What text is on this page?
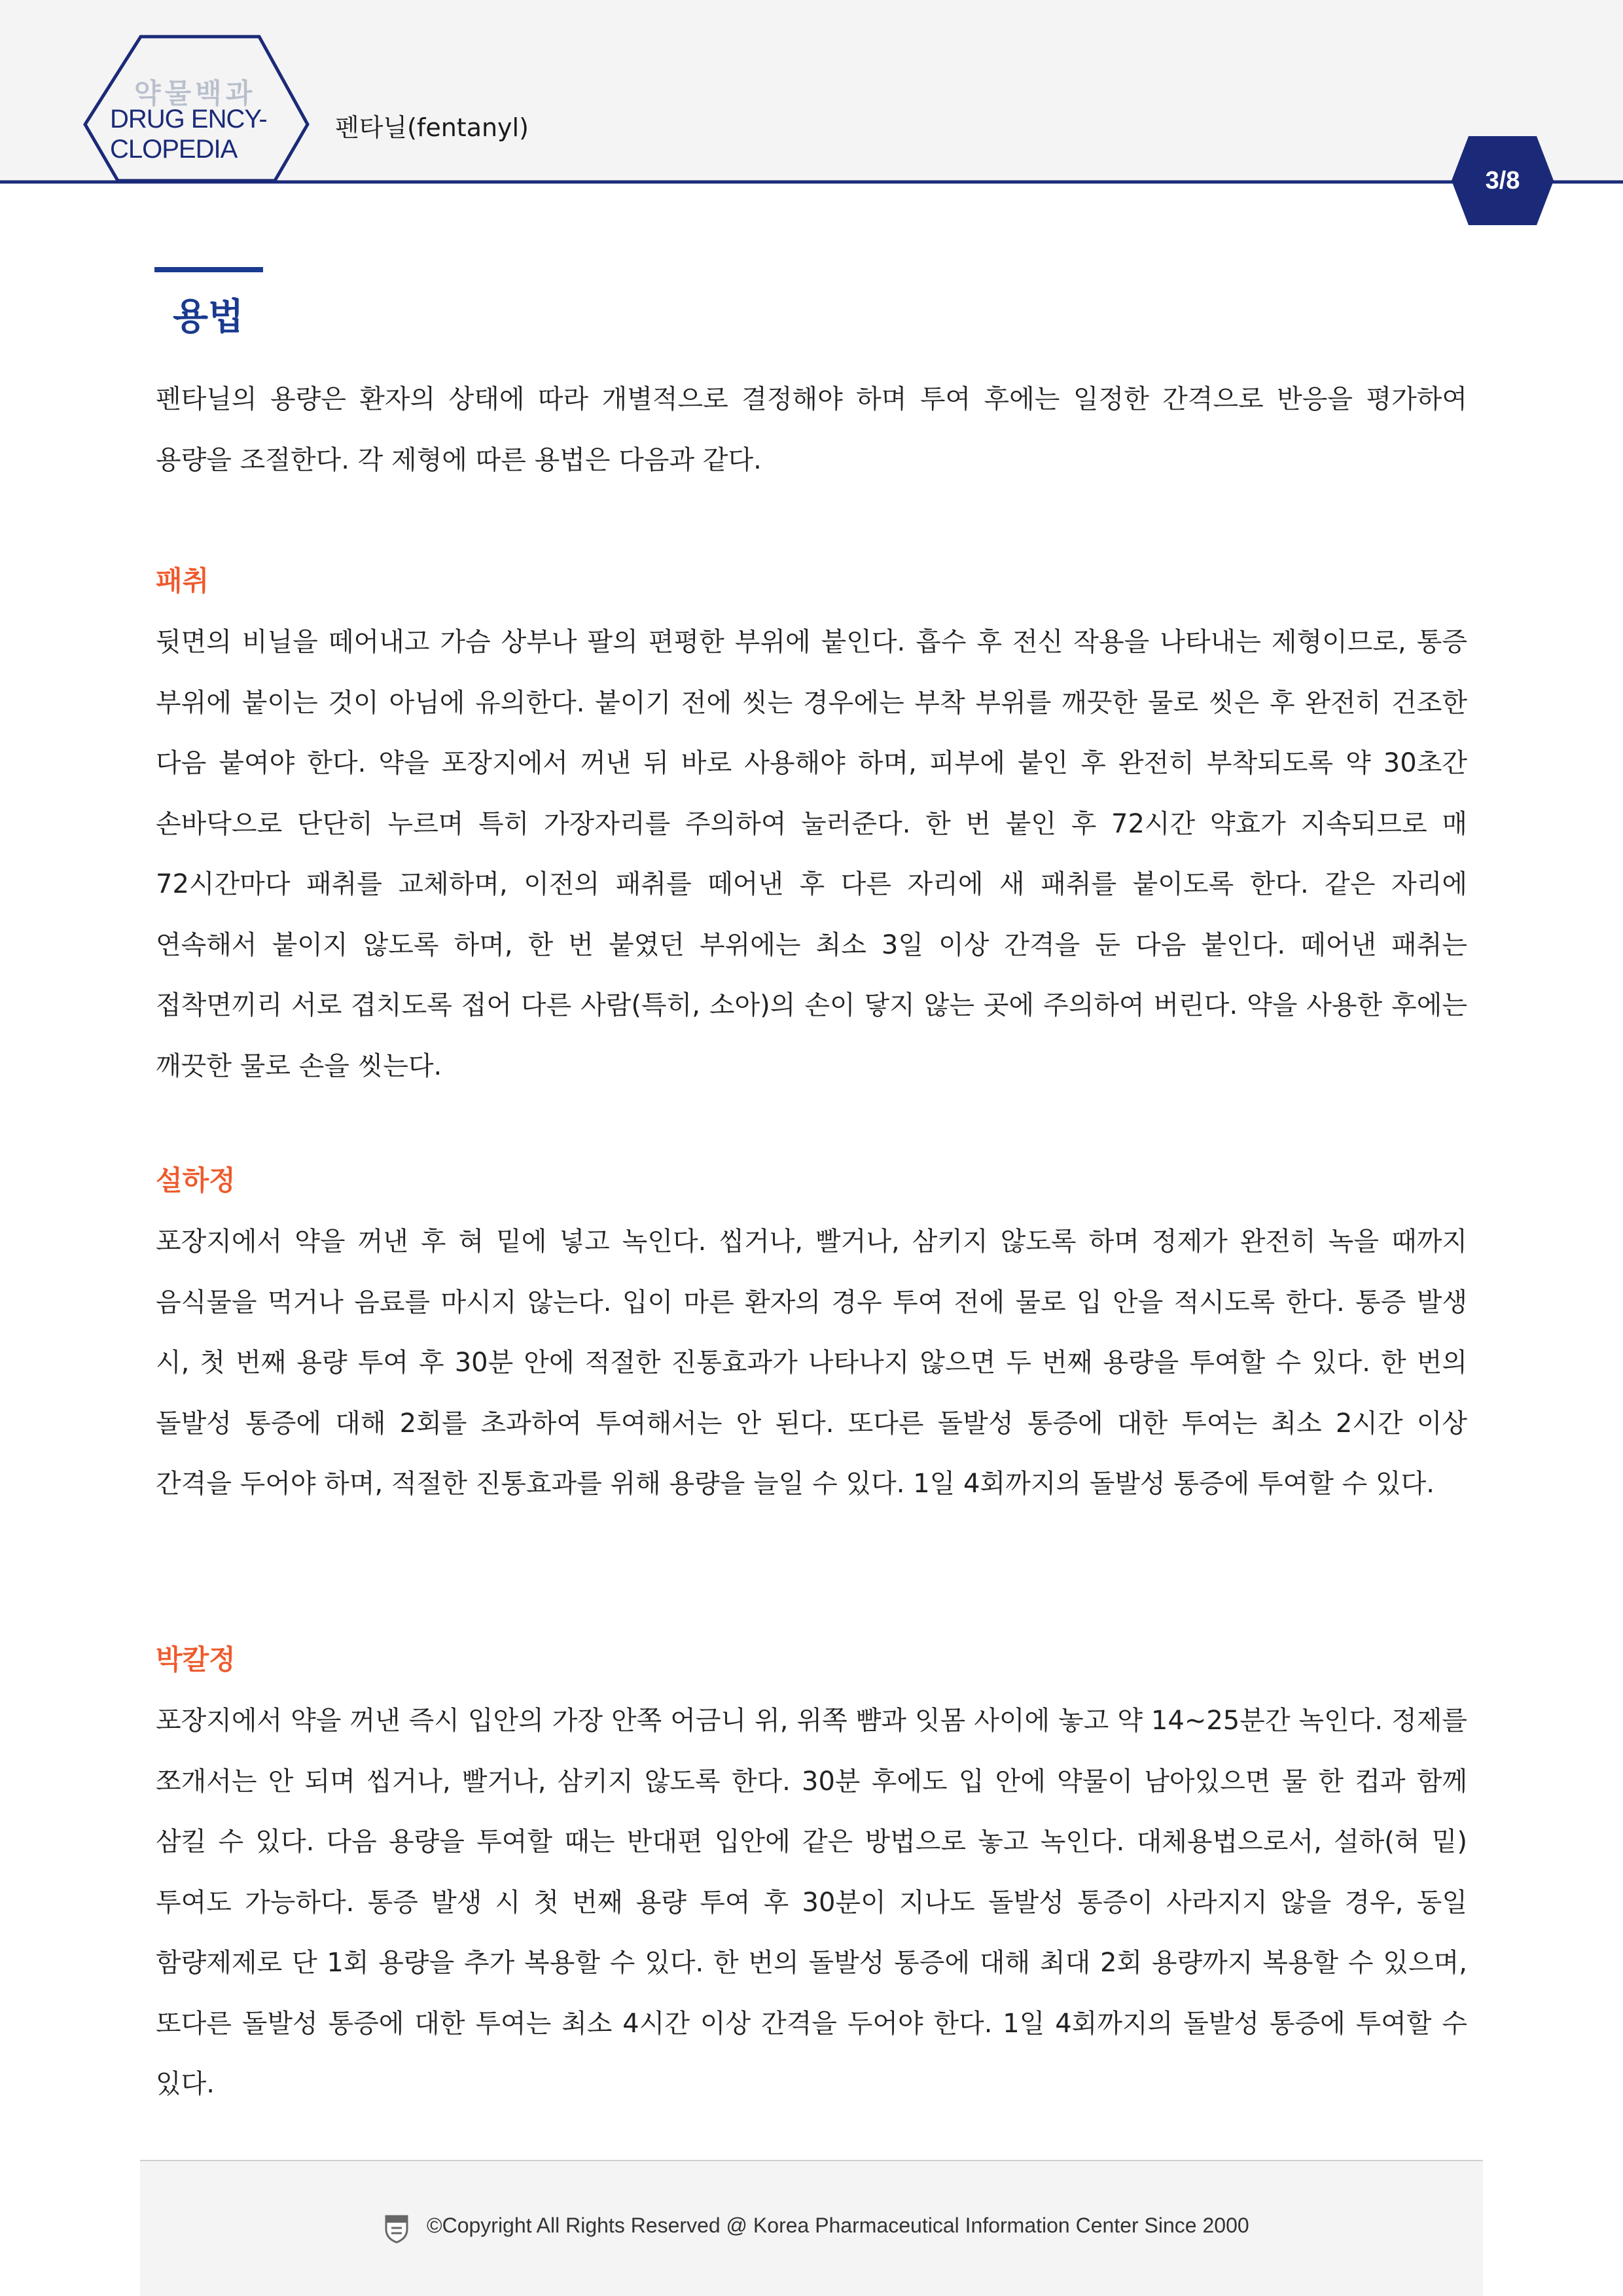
약물백과
DRUG ENCY-
CLOPEDIA
펜타닐(fentanyl)
3/8
용법

펜타닐의 용량은 환자의 상태에 따라 개별적으로 결정해야 하며 투여 후에는 일정한 간격으로 반응을 평가하여 용량을 조절한다. 각 제형에 따른 용법은 다음과 같다.

패취

뒷면의 비닐을 떼어내고 가슴 상부나 팔의 편평한 부위에 붙인다. 흡수 후 전신 작용을 나타내는 제형이므로, 통증 부위에 붙이는 것이 아님에 유의한다. 붙이기 전에 씻는 경우에는 부착 부위를 깨끗한 물로 씻은 후 완전히 건조한 다음 붙여야 한다. 약을 포장지에서 꺼낸 뒤 바로 사용해야 하며, 피부에 붙인 후 완전히 부착되도록 약 30초간 손바닥으로 단단히 누르며 특히 가장자리를 주의하여 눌러준다. 한 번 붙인 후 72시간 약효가 지속되므로 매 72시간마다 패취를 교체하며, 이전의 패취를 떼어낸 후 다른 자리에 새 패취를 붙이도록 한다. 같은 자리에 연속해서 붙이지 않도록 하며, 한 번 붙였던 부위에는 최소 3일 이상 간격을 둔 다음 붙인다. 떼어낸 패취는 접착면끼리 서로 겹치도록 접어 다른 사람(특히, 소아)의 손이 닿지 않는 곳에 주의하여 버린다. 약을 사용한 후에는 깨끗한 물로 손을 씻는다.

설하정

포장지에서 약을 꺼낸 후 혀 밑에 넣고 녹인다. 씹거나, 빨거나, 삼키지 않도록 하며 정제가 완전히 녹을 때까지 음식물을 먹거나 음료를 마시지 않는다. 입이 마른 환자의 경우 투여 전에 물로 입 안을 적시도록 한다. 통증 발생 시, 첫 번째 용량 투여 후 30분 안에 적절한 진통효과가 나타나지 않으면 두 번째 용량을 투여할 수 있다. 한 번의 돌발성 통증에 대해 2회를 초과하여 투여해서는 안 된다. 또다른 돌발성 통증에 대한 투여는 최소 2시간 이상 간격을 두어야 하며, 적절한 진통효과를 위해 용량을 늘일 수 있다. 1일 4회까지의 돌발성 통증에 투여할 수 있다.

박칼정

포장지에서 약을 꺼낸 즉시 입안의 가장 안쪽 어금니 위, 위쪽 뺨과 잇몸 사이에 놓고 약 14~25분간 녹인다. 정제를 쪼개서는 안 되며 씹거나, 빨거나, 삼키지 않도록 한다. 30분 후에도 입 안에 약물이 남아있으면 물 한 컵과 함께 삼킬 수 있다. 다음 용량을 투여할 때는 반대편 입안에 같은 방법으로 놓고 녹인다. 대체용법으로서, 설하(혀 밑) 투여도 가능하다. 통증 발생 시 첫 번째 용량 투여 후 30분이 지나도 돌발성 통증이 사라지지 않을 경우, 동일 함량제제로 단 1회 용량을 추가 복용할 수 있다. 한 번의 돌발성 통증에 대해 최대 2회 용량까지 복용할 수 있으며, 또다른 돌발성 통증에 대한 투여는 최소 4시간 이상 간격을 두어야 한다. 1일 4회까지의 돌발성 통증에 투여할 수 있다.

©Copyright All Rights Reserved @ Korea Pharmaceutical Information Center Since 2000
